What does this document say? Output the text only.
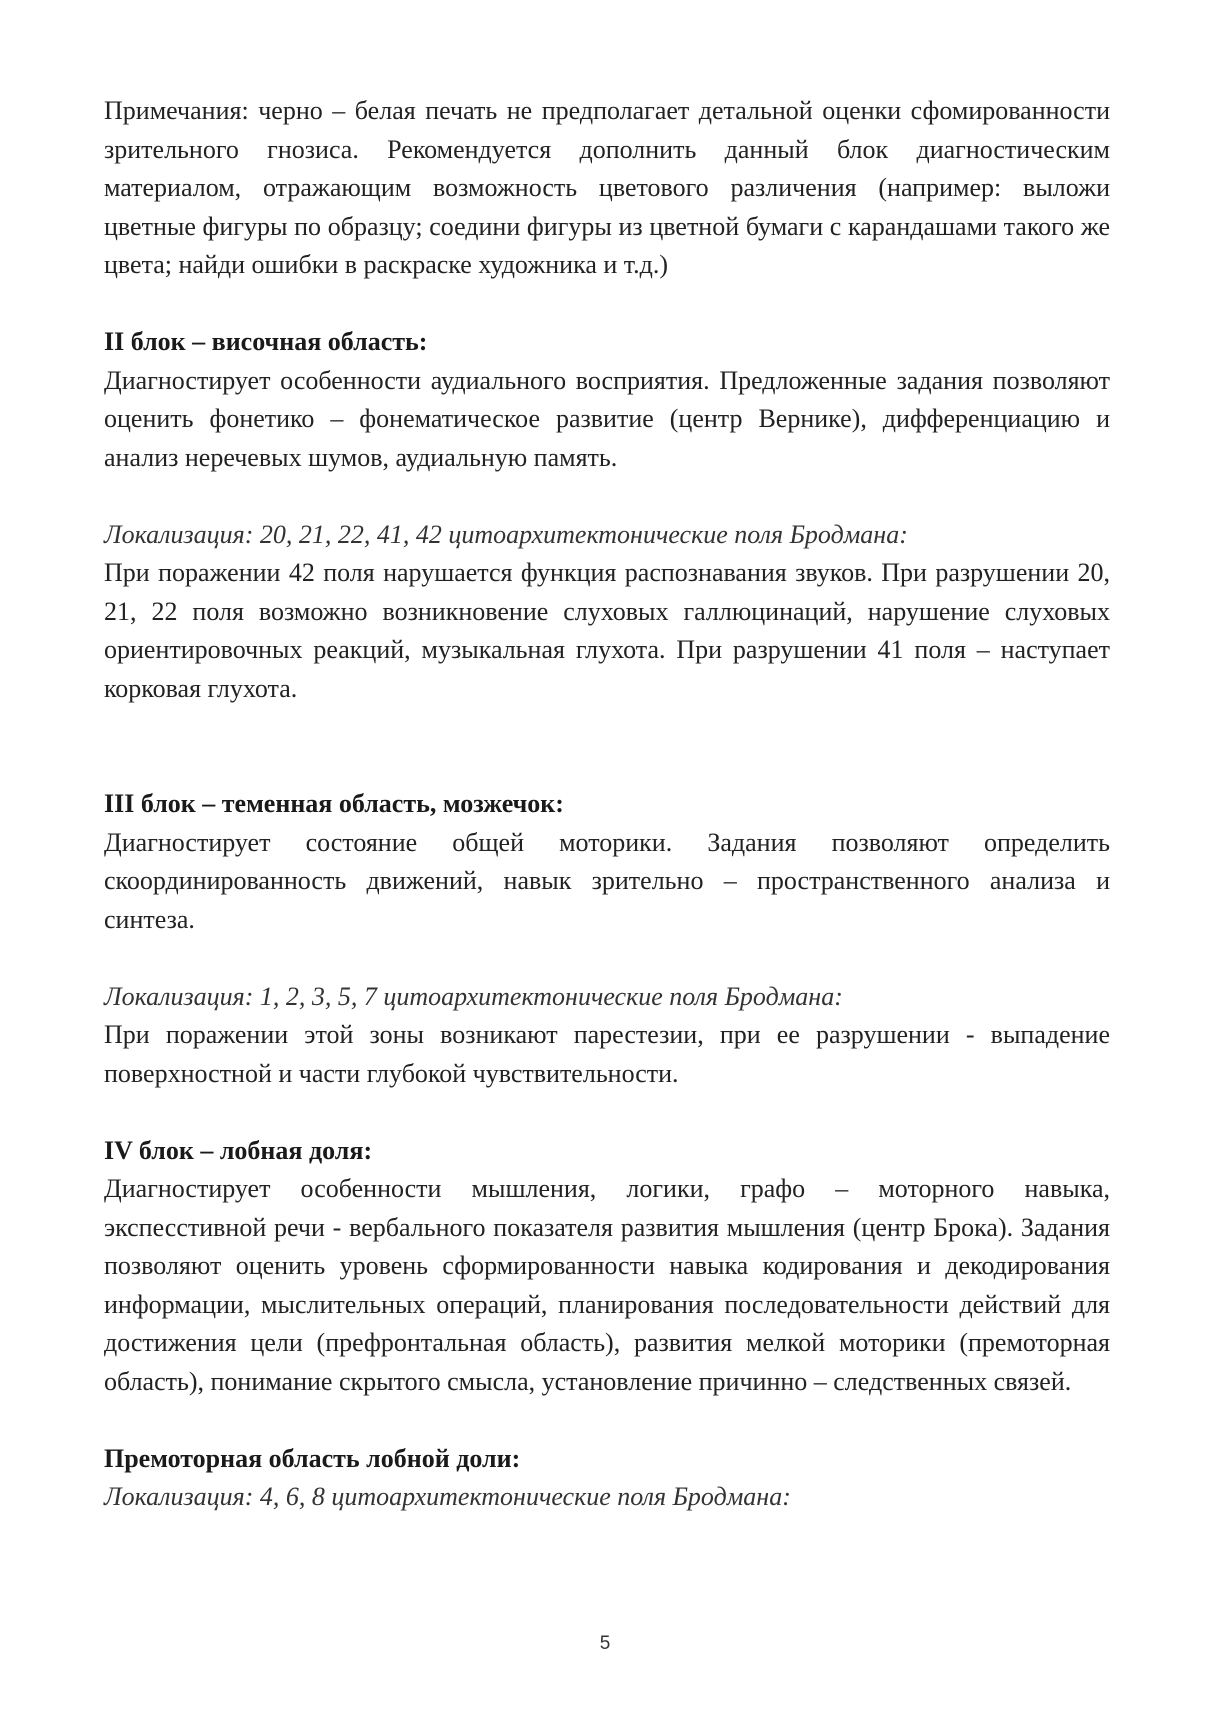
Примечания: черно – белая печать не предполагает детальной оценки сфомированности зрительного гнозиса. Рекомендуется дополнить данный блок диагностическим материалом, отражающим возможность цветового различения (например: выложи цветные фигуры по образцу; соедини фигуры из цветной бумаги с карандашами такого же цвета; найди ошибки в раскраске художника и т.д.)

II блок – височная область:

Диагностирует особенности аудиального восприятия. Предложенные задания позволяют оценить фонетико – фонематическое развитие (центр Вернике), дифференциацию и анализ неречевых шумов, аудиальную память.

Локализация: 20, 21, 22, 41, 42 цитоархитектонические поля Бродмана:

При поражении 42 поля нарушается функция распознавания звуков. При разрушении 20, 21, 22 поля возможно возникновение слуховых галлюцинаций, нарушение слуховых ориентировочных реакций, музыкальная глухота. При разрушении 41 поля – наступает корковая глухота.

III блок – теменная область, мозжечок:

Диагностирует состояние общей моторики. Задания позволяют определить скоординированность движений, навык зрительно – пространственного анализа и синтеза.

Локализация: 1, 2, 3, 5, 7 цитоархитектонические поля Бродмана:

При поражении этой зоны возникают парестезии, при ее разрушении - выпадение поверхностной и части глубокой чувствительности.

IV блок – лобная доля:

Диагностирует особенности мышления, логики, графо – моторного навыка, экспесстивной речи - вербального показателя развития мышления (центр Брока). Задания позволяют оценить уровень сформированности навыка кодирования и декодирования информации, мыслительных операций, планирования последовательности действий для достижения цели (префронтальная область), развития мелкой моторики (премоторная область), понимание скрытого смысла, установление причинно – следственных связей.

Премоторная область лобной доли:

Локализация: 4, 6, 8 цитоархитектонические поля Бродмана:

5
